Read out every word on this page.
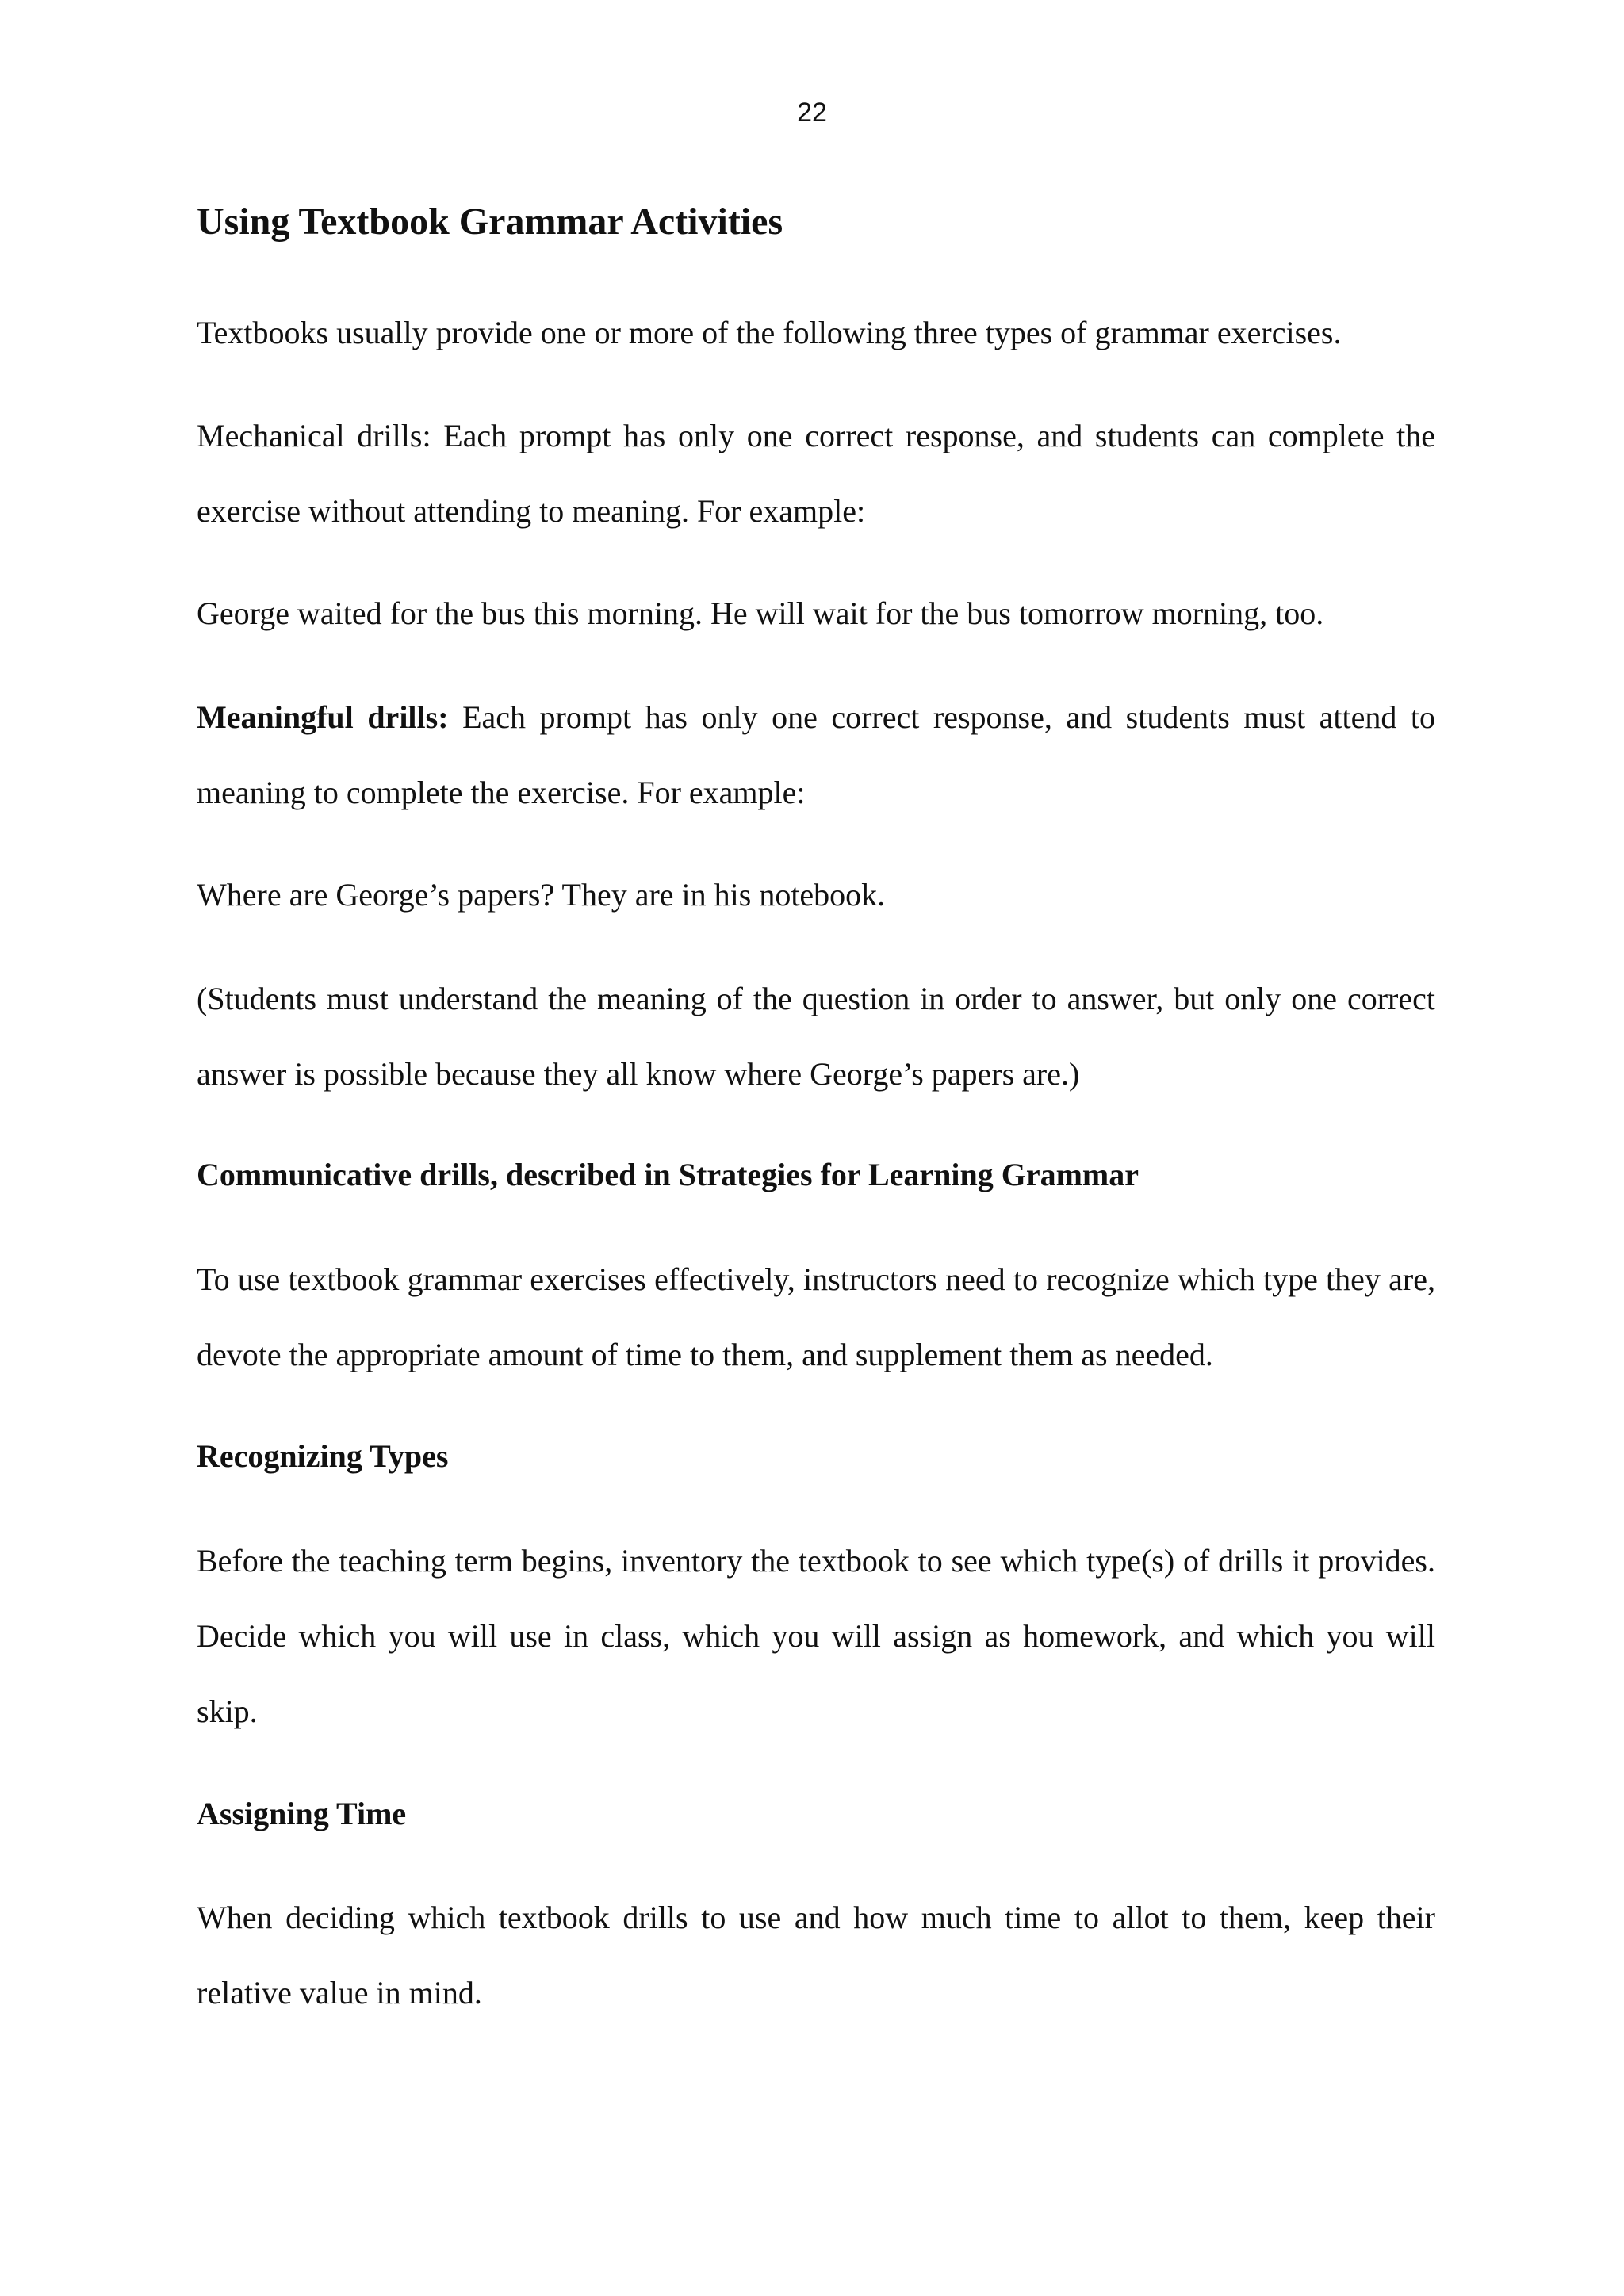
22
Using Textbook Grammar Activities
Textbooks usually provide one or more of the following three types of grammar exercises.
Mechanical drills: Each prompt has only one correct response, and students can complete the exercise without attending to meaning. For example:
George waited for the bus this morning. He will wait for the bus tomorrow morning, too.
Meaningful drills: Each prompt has only one correct response, and students must attend to meaning to complete the exercise. For example:
Where are George’s papers? They are in his notebook.
(Students must understand the meaning of the question in order to answer, but only one correct answer is possible because they all know where George’s papers are.)
Communicative drills, described in Strategies for Learning Grammar
To use textbook grammar exercises effectively, instructors need to recognize which type they are, devote the appropriate amount of time to them, and supplement them as needed.
Recognizing Types
Before the teaching term begins, inventory the textbook to see which type(s) of drills it provides. Decide which you will use in class, which you will assign as homework, and which you will skip.
Assigning Time
When deciding which textbook drills to use and how much time to allot to them, keep their relative value in mind.
